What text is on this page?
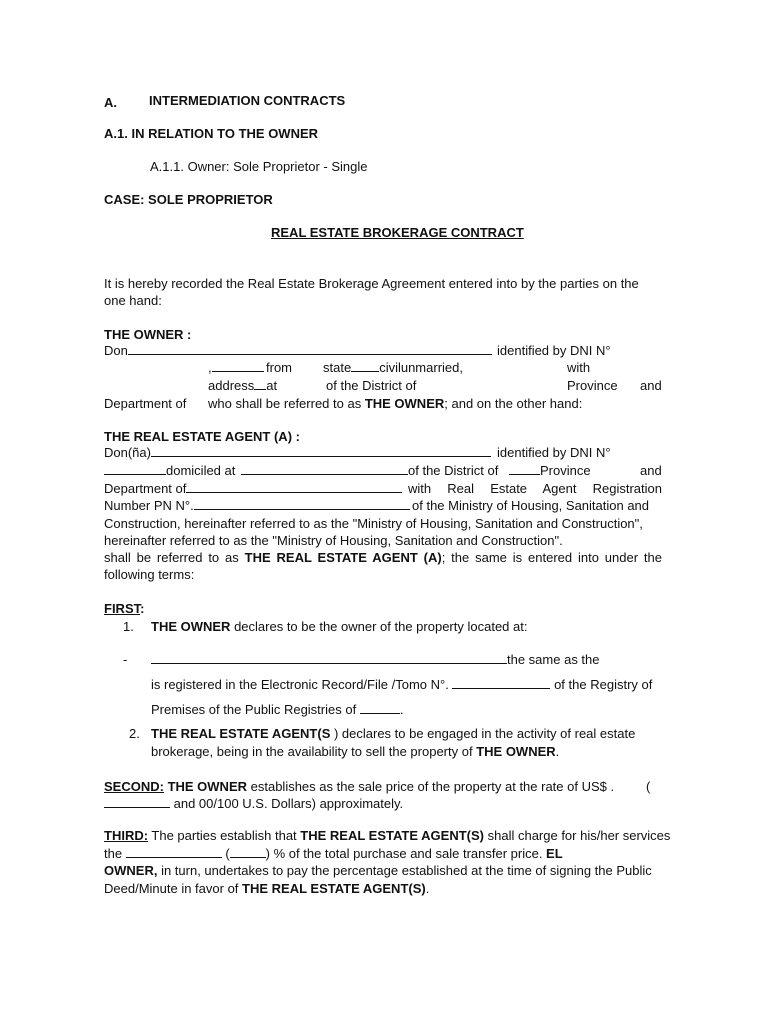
A. INTERMEDIATION CONTRACTS
A.1. IN RELATION TO THE OWNER
A.1.1. Owner: Sole Proprietor - Single
CASE: SOLE PROPRIETOR
REAL ESTATE BROKERAGE CONTRACT
It is hereby recorded the Real Estate Brokerage Agreement entered into by the parties on the
one hand:
THE OWNER :
Don	identified by DNI N°
,	from state civilunmarried,	with
address at	of the District of	Province and
Department of who shall be referred to as THE OWNER; and on the other hand:
THE REAL ESTATE AGENT (A) :
Don(ña)	identified by DNI N°
domiciled at	of the District of	Province	and
Department of	with Real Estate Agent Registration
Number PN N°.	of the Ministry of Housing, Sanitation and
Construction, hereinafter referred to as the "Ministry of Housing, Sanitation and Construction",
hereinafter referred to as the "Ministry of Housing, Sanitation and Construction".
shall be referred to as THE REAL ESTATE AGENT (A); the same is entered into under the
following terms:
FIRST:
1. THE OWNER declares to be the owner of the property located at:
-	the same as the
is registered in the Electronic Record/File /Tomo N°.	of the Registry of
Premises of the Public Registries of	.
2. THE REAL ESTATE AGENT(S ) declares to be engaged in the activity of real estate
brokerage, being in the availability to sell the property of THE OWNER.
SECOND: THE OWNER establishes as the sale price of the property at the rate of US$ . (
and 00/100 U.S. Dollars) approximately.
THIRD: The parties establish that THE REAL ESTATE AGENT(S) shall charge for his/her services
the	(	) % of the total purchase and sale transfer price. EL
OWNER, in turn, undertakes to pay the percentage established at the time of signing the Public
Deed/Minute in favor of THE REAL ESTATE AGENT(S).
